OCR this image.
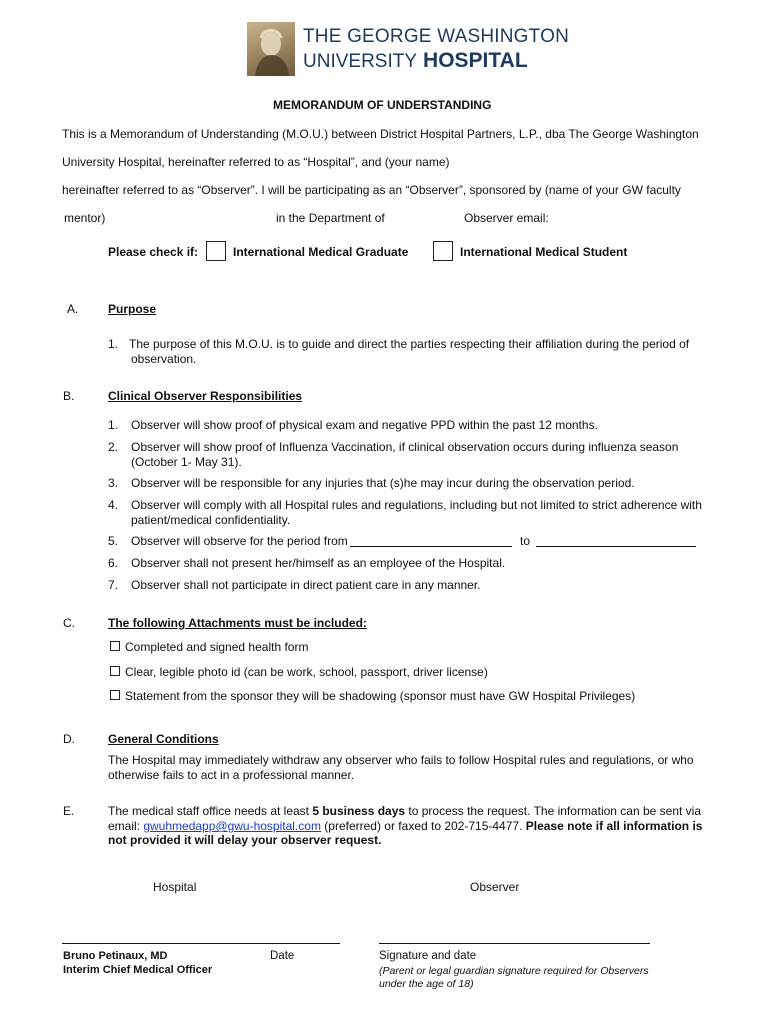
THE GEORGE WASHINGTON
UNIVERSITY HOSPITAL
MEMORANDUM OF UNDERSTANDING
This is a Memorandum of Understanding (M.O.U.) between District Hospital Partners, L.P., dba The George Washington
University Hospital, hereinafter referred to as “Hospital”, and (your name)
hereinafter referred to as “Observer”. I will be participating as an “Observer”, sponsored by (name of your GW faculty
mentor)	in the Department of	Observer email:
Please check if:	International Medical Graduate	International Medical Student
A. Purpose
1. The purpose of this M.O.U. is to guide and direct the parties respecting their affiliation during the period of
observation.
B.	Clinical Observer Responsibilities
1.	Observer will show proof of physical exam and negative PPD within the past 12 months.
2.	Observer will show proof of Influenza Vaccination, if clinical observation occurs during influenza season
(October 1- May 31).
3.	Observer will be responsible for any injuries that (s)he may incur during the observation period.
4.	Observer will comply with all Hospital rules and regulations, including but not limited to strict adherence with
patient/medical confidentiality.
5.	Observer will observe for the period from	to
6.	Observer shall not present her/himself as an employee of the Hospital.
7.	Observer shall not participate in direct patient care in any manner.
C.	The following Attachments must be included:
Completed and signed health form
Clear, legible photo id (can be work, school, passport, driver license)
Statement from the sponsor they will be shadowing (sponsor must have GW Hospital Privileges)
D.	General Conditions
The Hospital may immediately withdraw any observer who fails to follow Hospital rules and regulations, or who
otherwise fails to act in a professional manner.
E.	The medical staff office needs at least 5 business days to process the request. The information can be sent via
email: gwuhmedapp@gwu-hospital.com (preferred) or faxed to 202-715-4477. Please note if all information is
not provided it will delay your observer request.
Hospital	Observer
Bruno Petinaux, MD
Interim Chief Medical Officer
Date	Signature and date
(Parent or legal guardian signature required for Observers
under the age of 18)
